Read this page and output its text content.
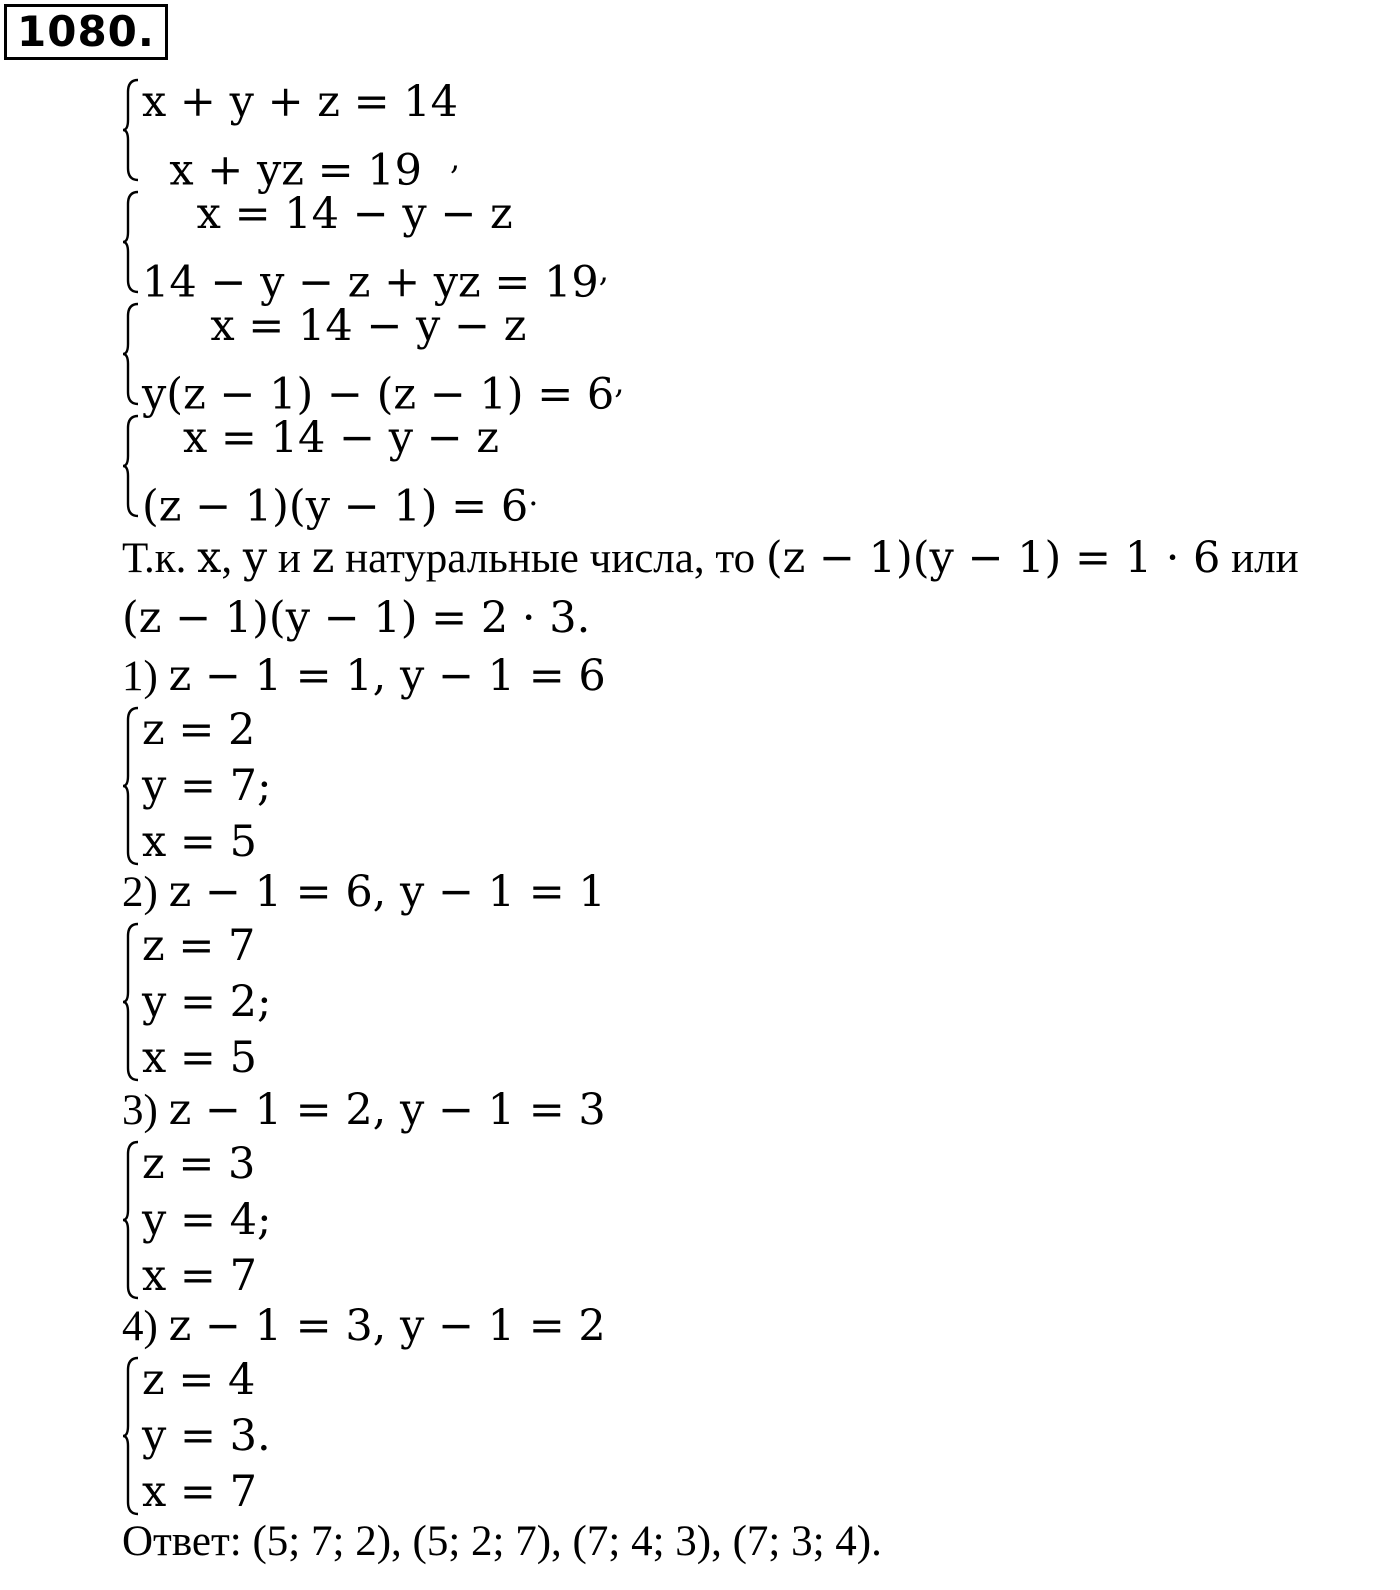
1080.
x + y + z = 14
x + yz = 19 ,
x = 14 − y − z
14 − y − z + yz = 19,
x = 14 − y − z
y(z − 1) − (z − 1) = 6,
x = 14 − y − z
(z − 1)(y − 1) = 6.
Т.к. x, y и z натуральные числа, то (z − 1)(y − 1) = 1 · 6 или
(z − 1)(y − 1) = 2 · 3.
1) z − 1 = 1, y − 1 = 6
z = 2
y = 7;
x = 5
2) z − 1 = 6, y − 1 = 1
z = 7
y = 2;
x = 5
3) z − 1 = 2, y − 1 = 3
z = 3
y = 4;
x = 7
4) z − 1 = 3, y − 1 = 2
z = 4
y = 3.
x = 7
Ответ: (5; 7; 2), (5; 2; 7), (7; 4; 3), (7; 3; 4).
